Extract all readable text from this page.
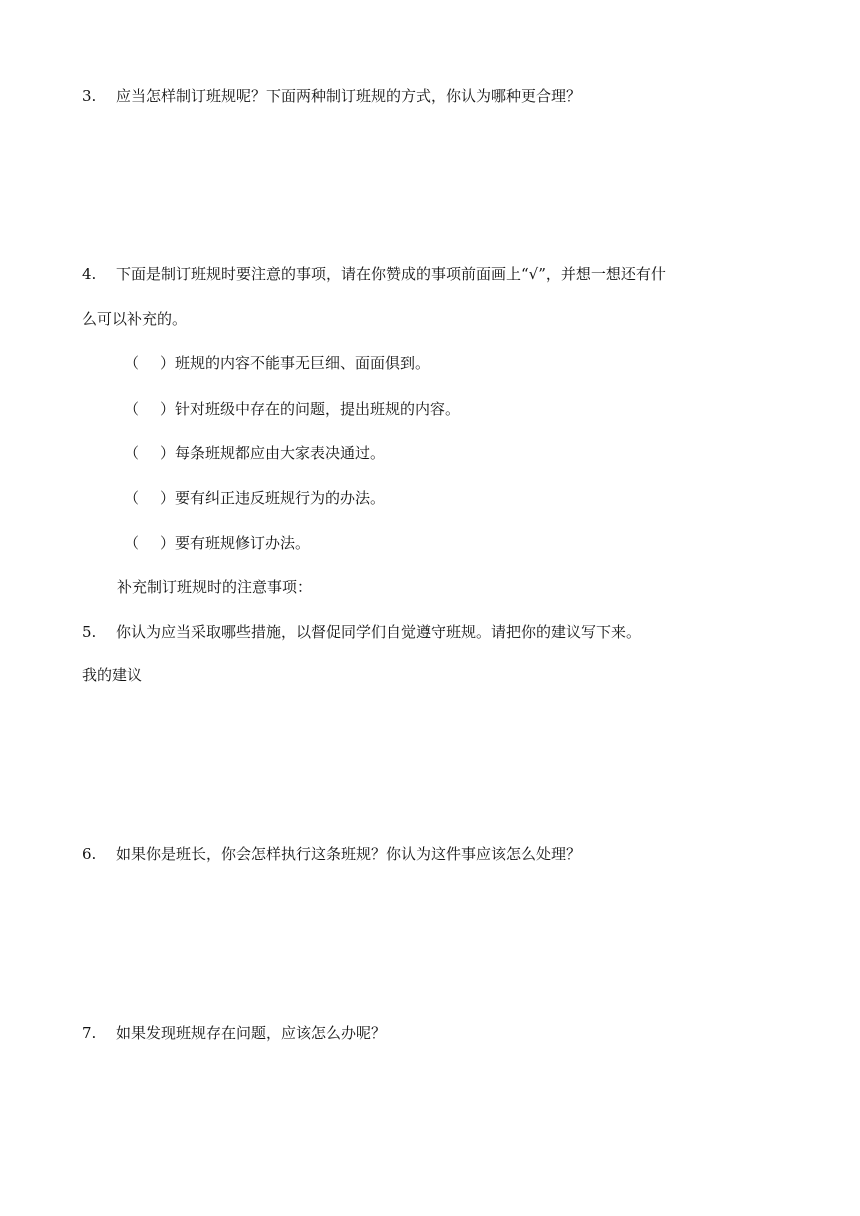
3. 应当怎样制订班规呢？下面两种制订班规的方式，你认为哪种更合理？
4. 下面是制订班规时要注意的事项，请在你赞成的事项前面画上“√”，并想一想还有什
么可以补充的。
（ ）班规的内容不能事无巨细、面面俱到。
（ ）针对班级中存在的问题，提出班规的内容。
（ ）每条班规都应由大家表决通过。
（ ）要有纠正违反班规行为的办法。
（ ）要有班规修订办法。
补充制订班规时的注意事项：
5. 你认为应当采取哪些措施，以督促同学们自觉遵守班规。请把你的建议写下来。
我的建议
6. 如果你是班长，你会怎样执行这条班规？你认为这件事应该怎么处理？
7. 如果发现班规存在问题，应该怎么办呢？
